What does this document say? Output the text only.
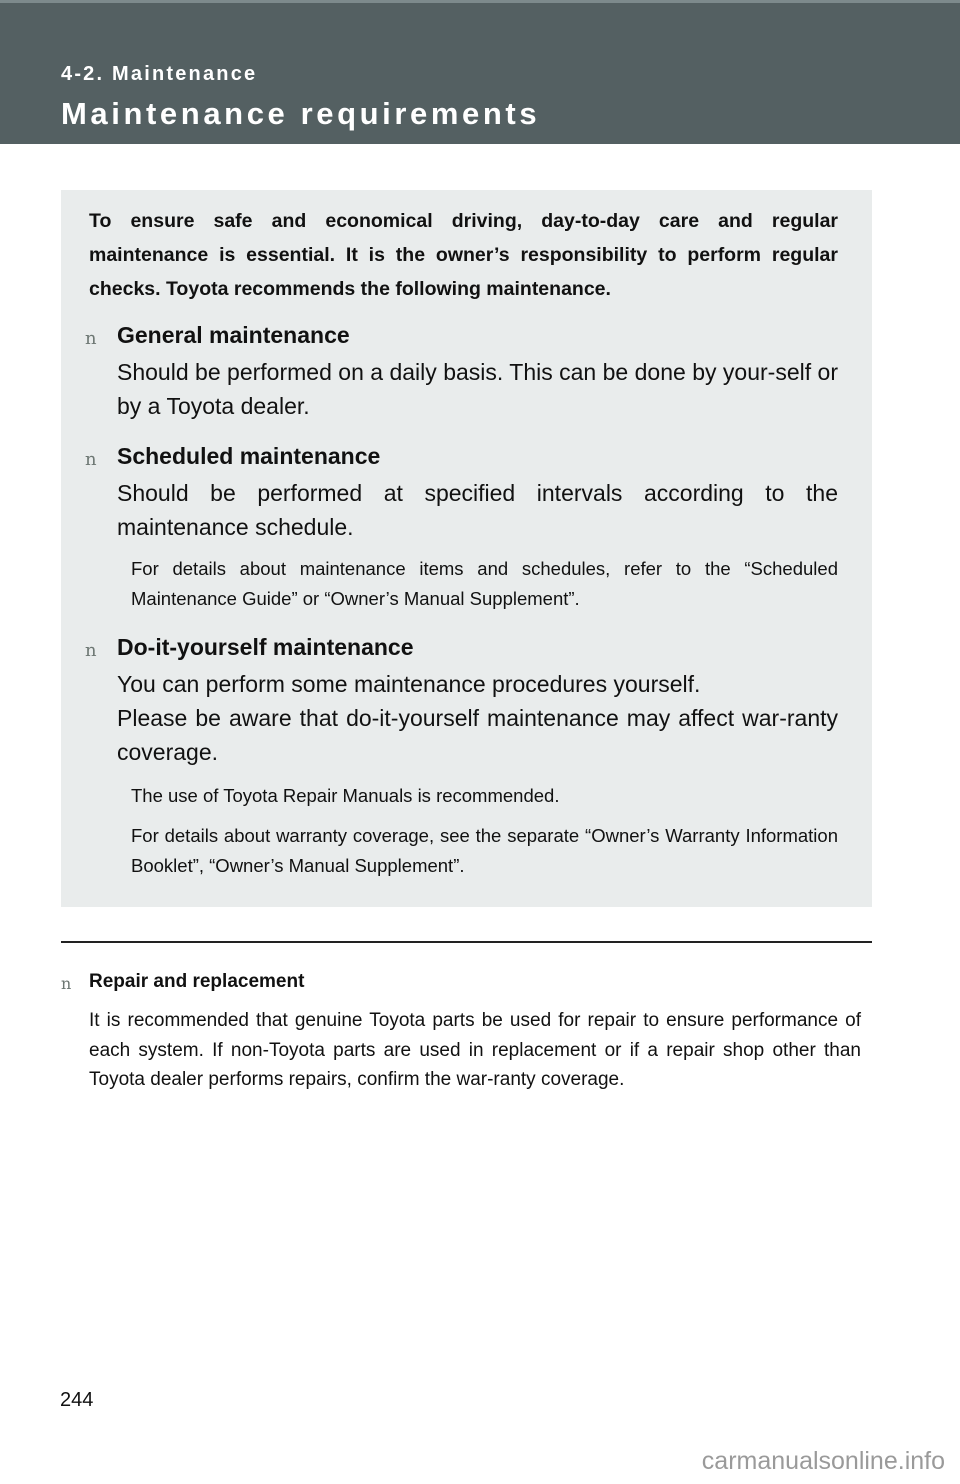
4-2. Maintenance
Maintenance requirements
To ensure safe and economical driving, day-to-day care and regular maintenance is essential. It is the owner’s responsibility to perform regular checks. Toyota recommends the following maintenance.
n General maintenance
Should be performed on a daily basis. This can be done by your-self or by a Toyota dealer.
n Scheduled maintenance
Should be performed at specified intervals according to the maintenance schedule.
For details about maintenance items and schedules, refer to the “Scheduled Maintenance Guide” or “Owner’s Manual Supplement”.
n Do-it-yourself maintenance
You can perform some maintenance procedures yourself.
Please be aware that do-it-yourself maintenance may affect war-ranty coverage.
The use of Toyota Repair Manuals is recommended.
For details about warranty coverage, see the separate “Owner’s Warranty Information Booklet”, “Owner’s Manual Supplement”.
n Repair and replacement
It is recommended that genuine Toyota parts be used for repair to ensure performance of each system. If non-Toyota parts are used in replacement or if a repair shop other than Toyota dealer performs repairs, confirm the war-ranty coverage.
244
carmanualsonline.info
